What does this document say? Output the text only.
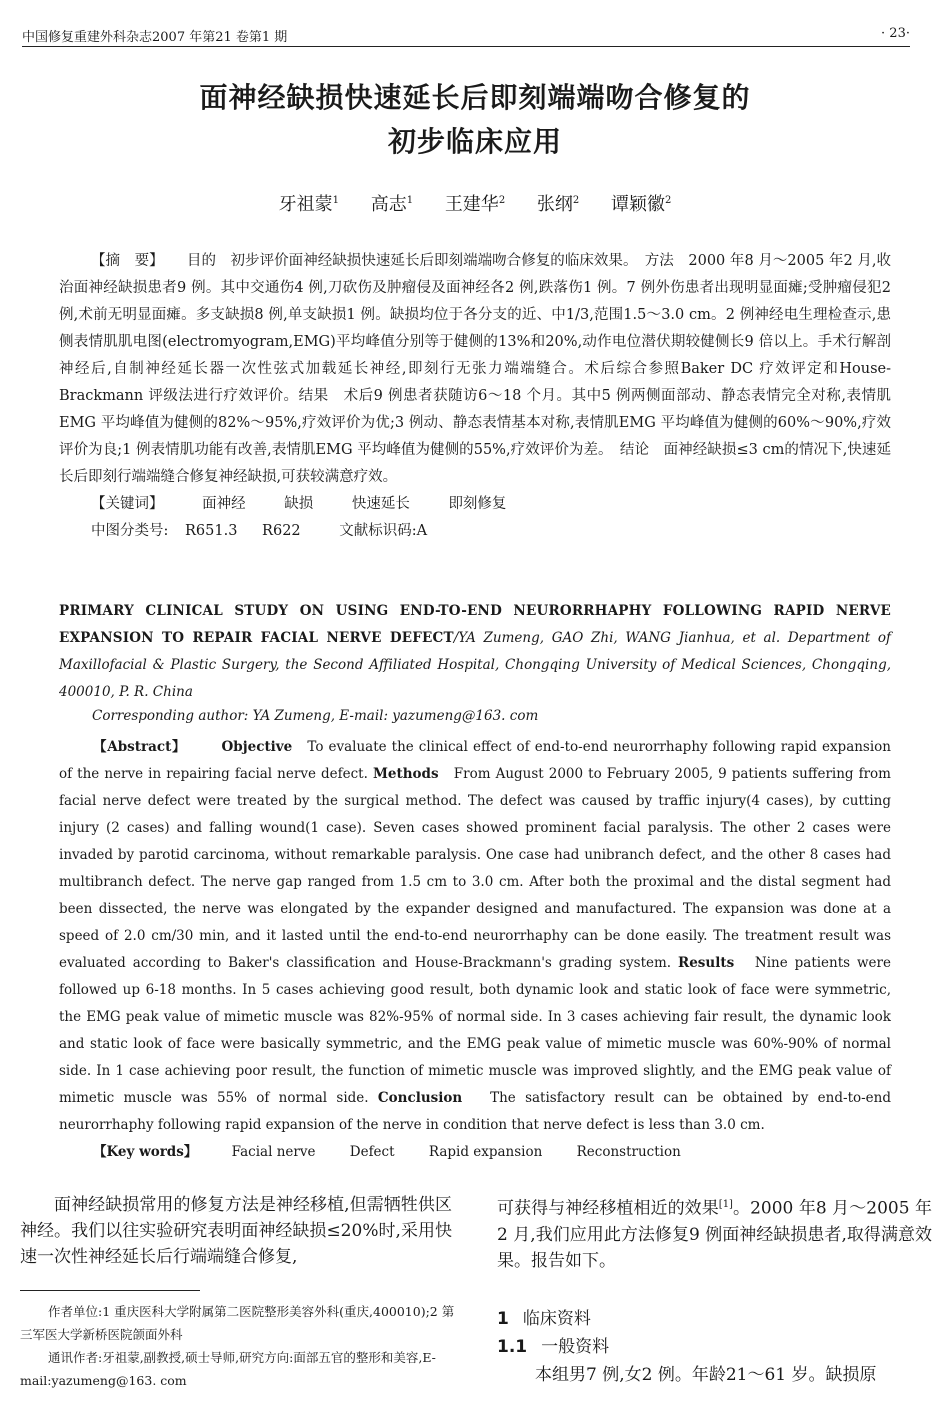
中国修复重建外科杂志2007 年第21 卷第1 期	· 23·
面神经缺损快速延长后即刻端端吻合修复的
初步临床应用
牙祖蒙$^1$ 高志$^1$ 王建华$^2$ 张纲$^2$ 谭颖徽$^2$

【摘　要】 目的　初步评价面神经缺损快速延长后即刻端端吻合修复的临床效果。　方法　2000 年8 月～2005 年2 月,收治面神经缺损患者9 例。其中交通伤4 例,刀砍伤及肿瘤侵及面神经各2 例,跌落伤1 例。7 例外伤患者出现明显面瘫;受肿瘤侵犯2 例,术前无明显面瘫。多支缺损8 例,单支缺损1 例。缺损均位于各分支的近、中1/3,范围1.5～3.0 cm。2 例神经电生理检查示,患侧表情肌肌电图(electromyogram,EMG)平均峰值分别等于健侧的13%和20%,动作电位潜伏期较健侧长9 倍以上。手术行解剖神经后,自制神经延长器一次性弦式加载延长神经,即刻行无张力端端缝合。术后综合参照Baker DC 疗效评定和House-Brackmann 评级法进行疗效评价。结果　术后9 例患者获随访6～18 个月。其中5 例两侧面部动、静态表情完全对称,表情肌EMG 平均峰值为健侧的82%～95%,疗效评价为优;3 例动、静态表情基本对称,表情肌EMG 平均峰值为健侧的60%～90%,疗效评价为良;1 例表情肌功能有改善,表情肌EMG 平均峰值为健侧的55%,疗效评价为差。　结论　面神经缺损≤3 cm的情况下,快速延长后即刻行端端缝合修复神经缺损,可获较满意疗效。

【关键词】	面神经	缺损	快速延长	即刻修复

中图分类号: R651.3 R622	文献标识码:A

PRIMARY CLINICAL STUDY ON USING END-TO-END NEURORRHAPHY FOLLOWING RAPID NERVE EXPANSION TO REPAIR FACIAL NERVE DEFECT/YA Zumeng, GAO Zhi, WANG Jianhua, et al. Department of Maxillofacial & Plastic Surgery, the Second Affiliated Hospital, Chongqing University of Medical Sciences, Chongqing, 400010, P. R. China
Corresponding author: YA Zumeng, E-mail: yazumeng@163. com

【Abstract】	Objective To evaluate the clinical effect of end-to-end neurorrhaphy following rapid expansion of the nerve in repairing facial nerve defect. Methods From August 2000 to February 2005, 9 patients suffering from facial nerve defect were treated by the surgical method. The defect was caused by traffic injury(4 cases), by cutting injury (2 cases) and falling wound(1 case). Seven cases showed prominent facial paralysis. The other 2 cases were invaded by parotid carcinoma, without remarkable paralysis. One case had unibranch defect, and the other 8 cases had multibranch defect. The nerve gap ranged from 1.5 cm to 3.0 cm. After both the proximal and the distal segment had been dissected, the nerve was elongated by the expander designed and manufactured. The expansion was done at a speed of 2.0 cm/30 min, and it lasted until the end-to-end neurorrhaphy can be done easily. The treatment result was evaluated according to Baker's classification and House-Brackmann's grading system. Results Nine patients were followed up 6-18 months. In 5 cases achieving good result, both dynamic look and static look of face were symmetric, the EMG peak value of mimetic muscle was 82%-95% of normal side. In 3 cases achieving fair result, the dynamic look and static look of face were basically symmetric, and the EMG peak value of mimetic muscle was 60%-90% of normal side. In 1 case achieving poor result, the function of mimetic muscle was improved slightly, and the EMG peak value of mimetic muscle was 55% of normal side. Conclusion The satisfactory result can be obtained by end-to-end neurorrhaphy following rapid expansion of the nerve in condition that nerve defect is less than 3.0 cm.

【Key words】	Facial nerve	Defect	Rapid expansion	Reconstruction

面神经缺损常用的修复方法是神经移植,但需牺牲供区神经。我们以往实验研究表明面神经缺损≤20%时,采用快速一次性神经延长后行端端缝合修复,

作者单位:1 重庆医科大学附属第二医院整形美容外科(重庆,400010);2 第三军医大学新桥医院颌面外科

通讯作者:牙祖蒙,副教授,硕士导师,研究方向:面部五官的整形和美容,E-mail:yazumeng@163. com

可获得与神经移植相近的效果[1]。2000 年8 月～2005 年2 月,我们应用此方法修复9 例面神经缺损患者,取得满意效果。报告如下。

1 临床资料
1.1 一般资料
本组男7 例,女2 例。年龄21～61 岁。缺损原
